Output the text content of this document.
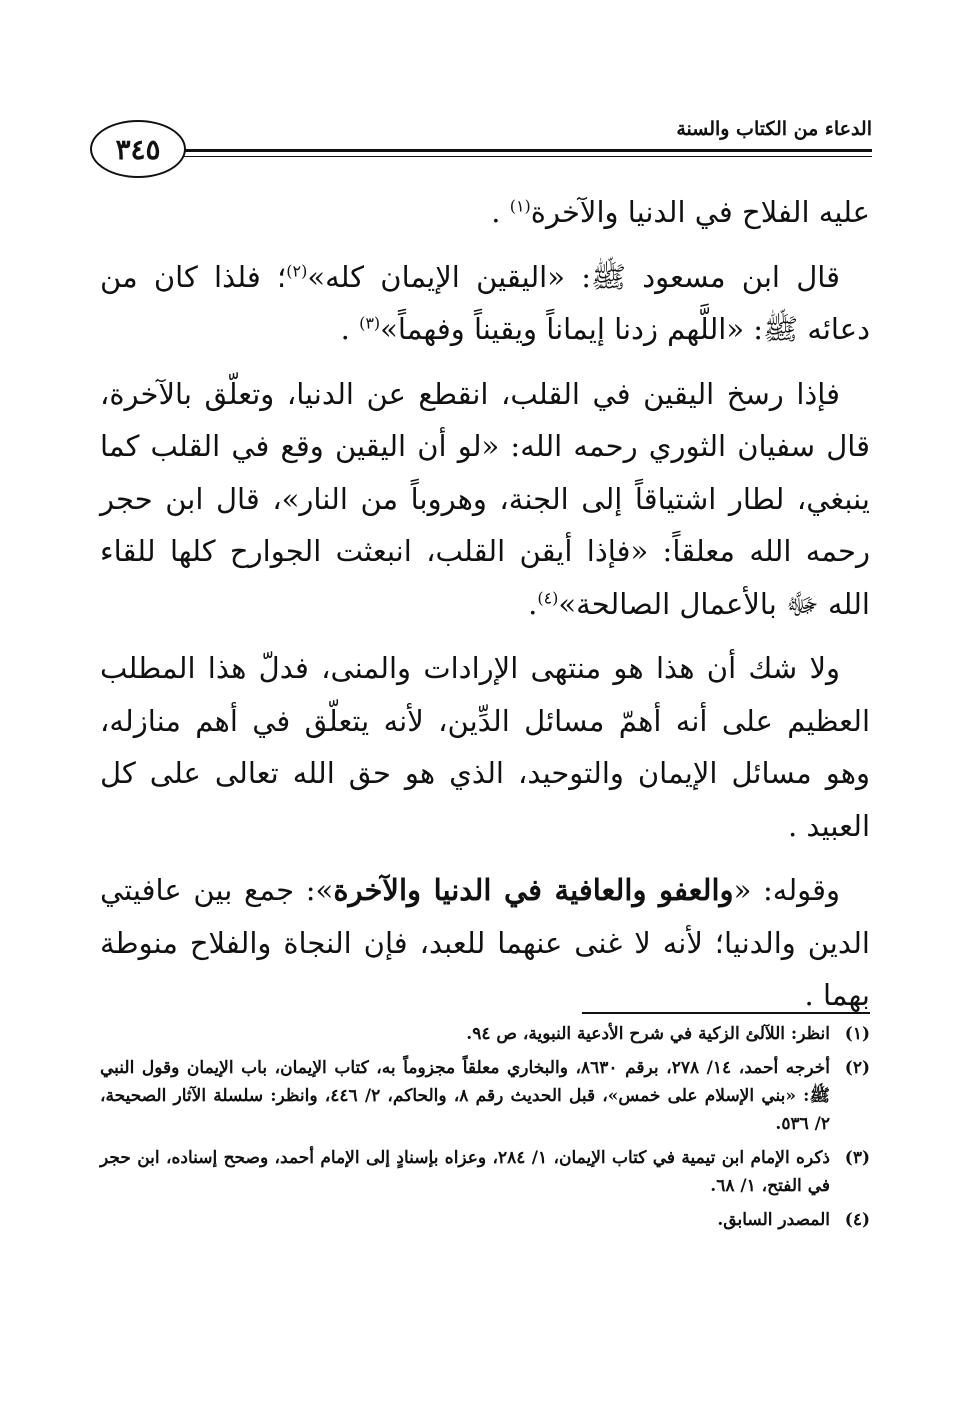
٣٤٥
الدعاء من الكتاب والسنة

عليه الفلاح في الدنيا والآخرة$^{(١)}$ .

قال ابن مسعود ﷺ: «اليقين الإيمان كله»$^{(٢)}$؛ فلذا كان من دعائه ﷺ: «اللَّهم زدنا إيماناً ويقيناً وفهماً»$^{(٣)}$ .

فإذا رسخ اليقين في القلب، انقطع عن الدنيا، وتعلّق بالآخرة، قال سفيان الثوري رحمه الله: «لو أن اليقين وقع في القلب كما ينبغي، لطار اشتياقاً إلى الجنة، وهروباً من النار»، قال ابن حجر رحمه الله معلقاً: «فإذا أيقن القلب، انبعثت الجوارح كلها للقاء الله ﷻ بالأعمال الصالحة»$^{(٤)}$.

ولا شك أن هذا هو منتهى الإرادات والمنى، فدلّ هذا المطلب العظيم على أنه أهمّ مسائل الدِّين، لأنه يتعلّق في أهم منازله، وهو مسائل الإيمان والتوحيد، الذي هو حق الله تعالى على كل العبيد .

وقوله: «والعفو والعافية في الدنيا والآخرة»: جمع بين عافيتي الدين والدنيا؛ لأنه لا غنى عنهما للعبد، فإن النجاة والفلاح منوطة بهما .

(١)
انظر: اللآلئ الزكية في شرح الأدعية النبوية، ص ٩٤.
(٢)
أخرجه أحمد، ١٤/ ٢٧٨، برقم ٨٦٣٠، والبخاري معلقاً مجزوماً به، كتاب الإيمان، باب الإيمان وقول النبي ﷺ: «بني الإسلام على خمس»، قبل الحديث رقم ٨، والحاكم، ٢/ ٤٤٦، وانظر: سلسلة الآثار الصحيحة، ٢/ ٥٣٦.
(٣)
ذكره الإمام ابن تيمية في كتاب الإيمان، ١/ ٢٨٤، وعزاه بإسنادٍ إلى الإمام أحمد، وصحح إسناده، ابن حجر في الفتح، ١/ ٦٨.
(٤)
المصدر السابق.
